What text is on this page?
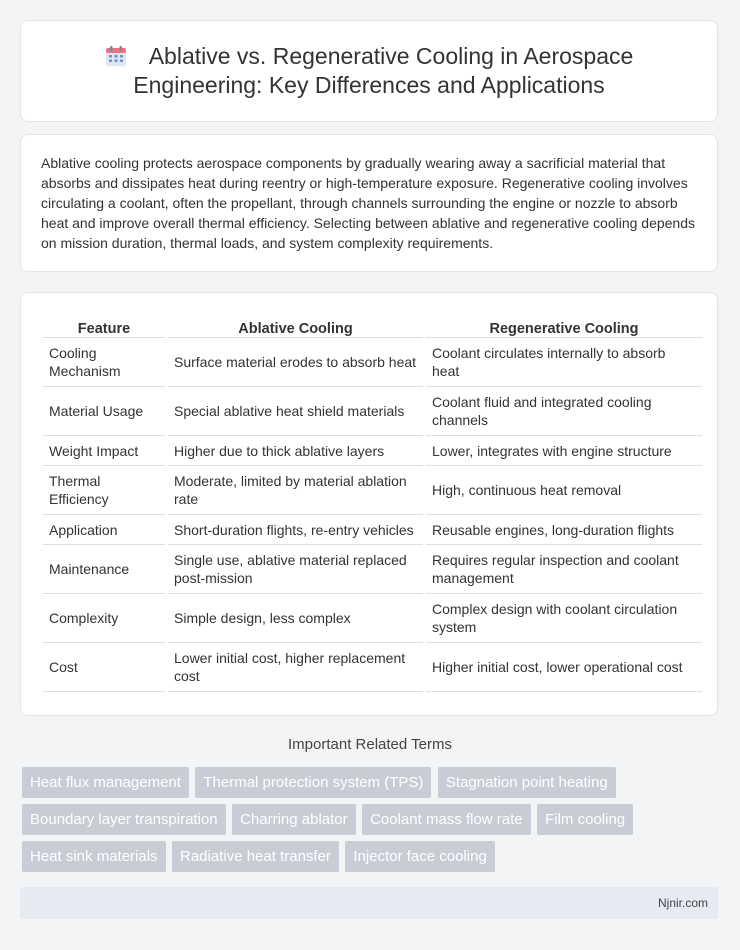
Ablative vs. Regenerative Cooling in Aerospace Engineering: Key Differences and Applications

Ablative cooling protects aerospace components by gradually wearing away a sacrificial material that absorbs and dissipates heat during reentry or high-temperature exposure. Regenerative cooling involves circulating a coolant, often the propellant, through channels surrounding the engine or nozzle to absorb heat and improve overall thermal efficiency. Selecting between ablative and regenerative cooling depends on mission duration, thermal loads, and system complexity requirements.

Feature	Ablative Cooling	Regenerative Cooling
Cooling Mechanism	Surface material erodes to absorb heat	Coolant circulates internally to absorb heat
Material Usage	Special ablative heat shield materials	Coolant fluid and integrated cooling channels
Weight Impact	Higher due to thick ablative layers	Lower, integrates with engine structure
Thermal Efficiency	Moderate, limited by material ablation rate	High, continuous heat removal
Application	Short-duration flights, re-entry vehicles	Reusable engines, long-duration flights
Maintenance	Single use, ablative material replaced post-mission	Requires regular inspection and coolant management
Complexity	Simple design, less complex	Complex design with coolant circulation system
Cost	Lower initial cost, higher replacement cost	Higher initial cost, lower operational cost
Important Related Terms
Heat flux management Thermal protection system (TPS) Stagnation point heating Boundary layer transpiration Charring ablator Coolant mass flow rate Film cooling Heat sink materials Radiative heat transfer Injector face cooling
Njnir.com
